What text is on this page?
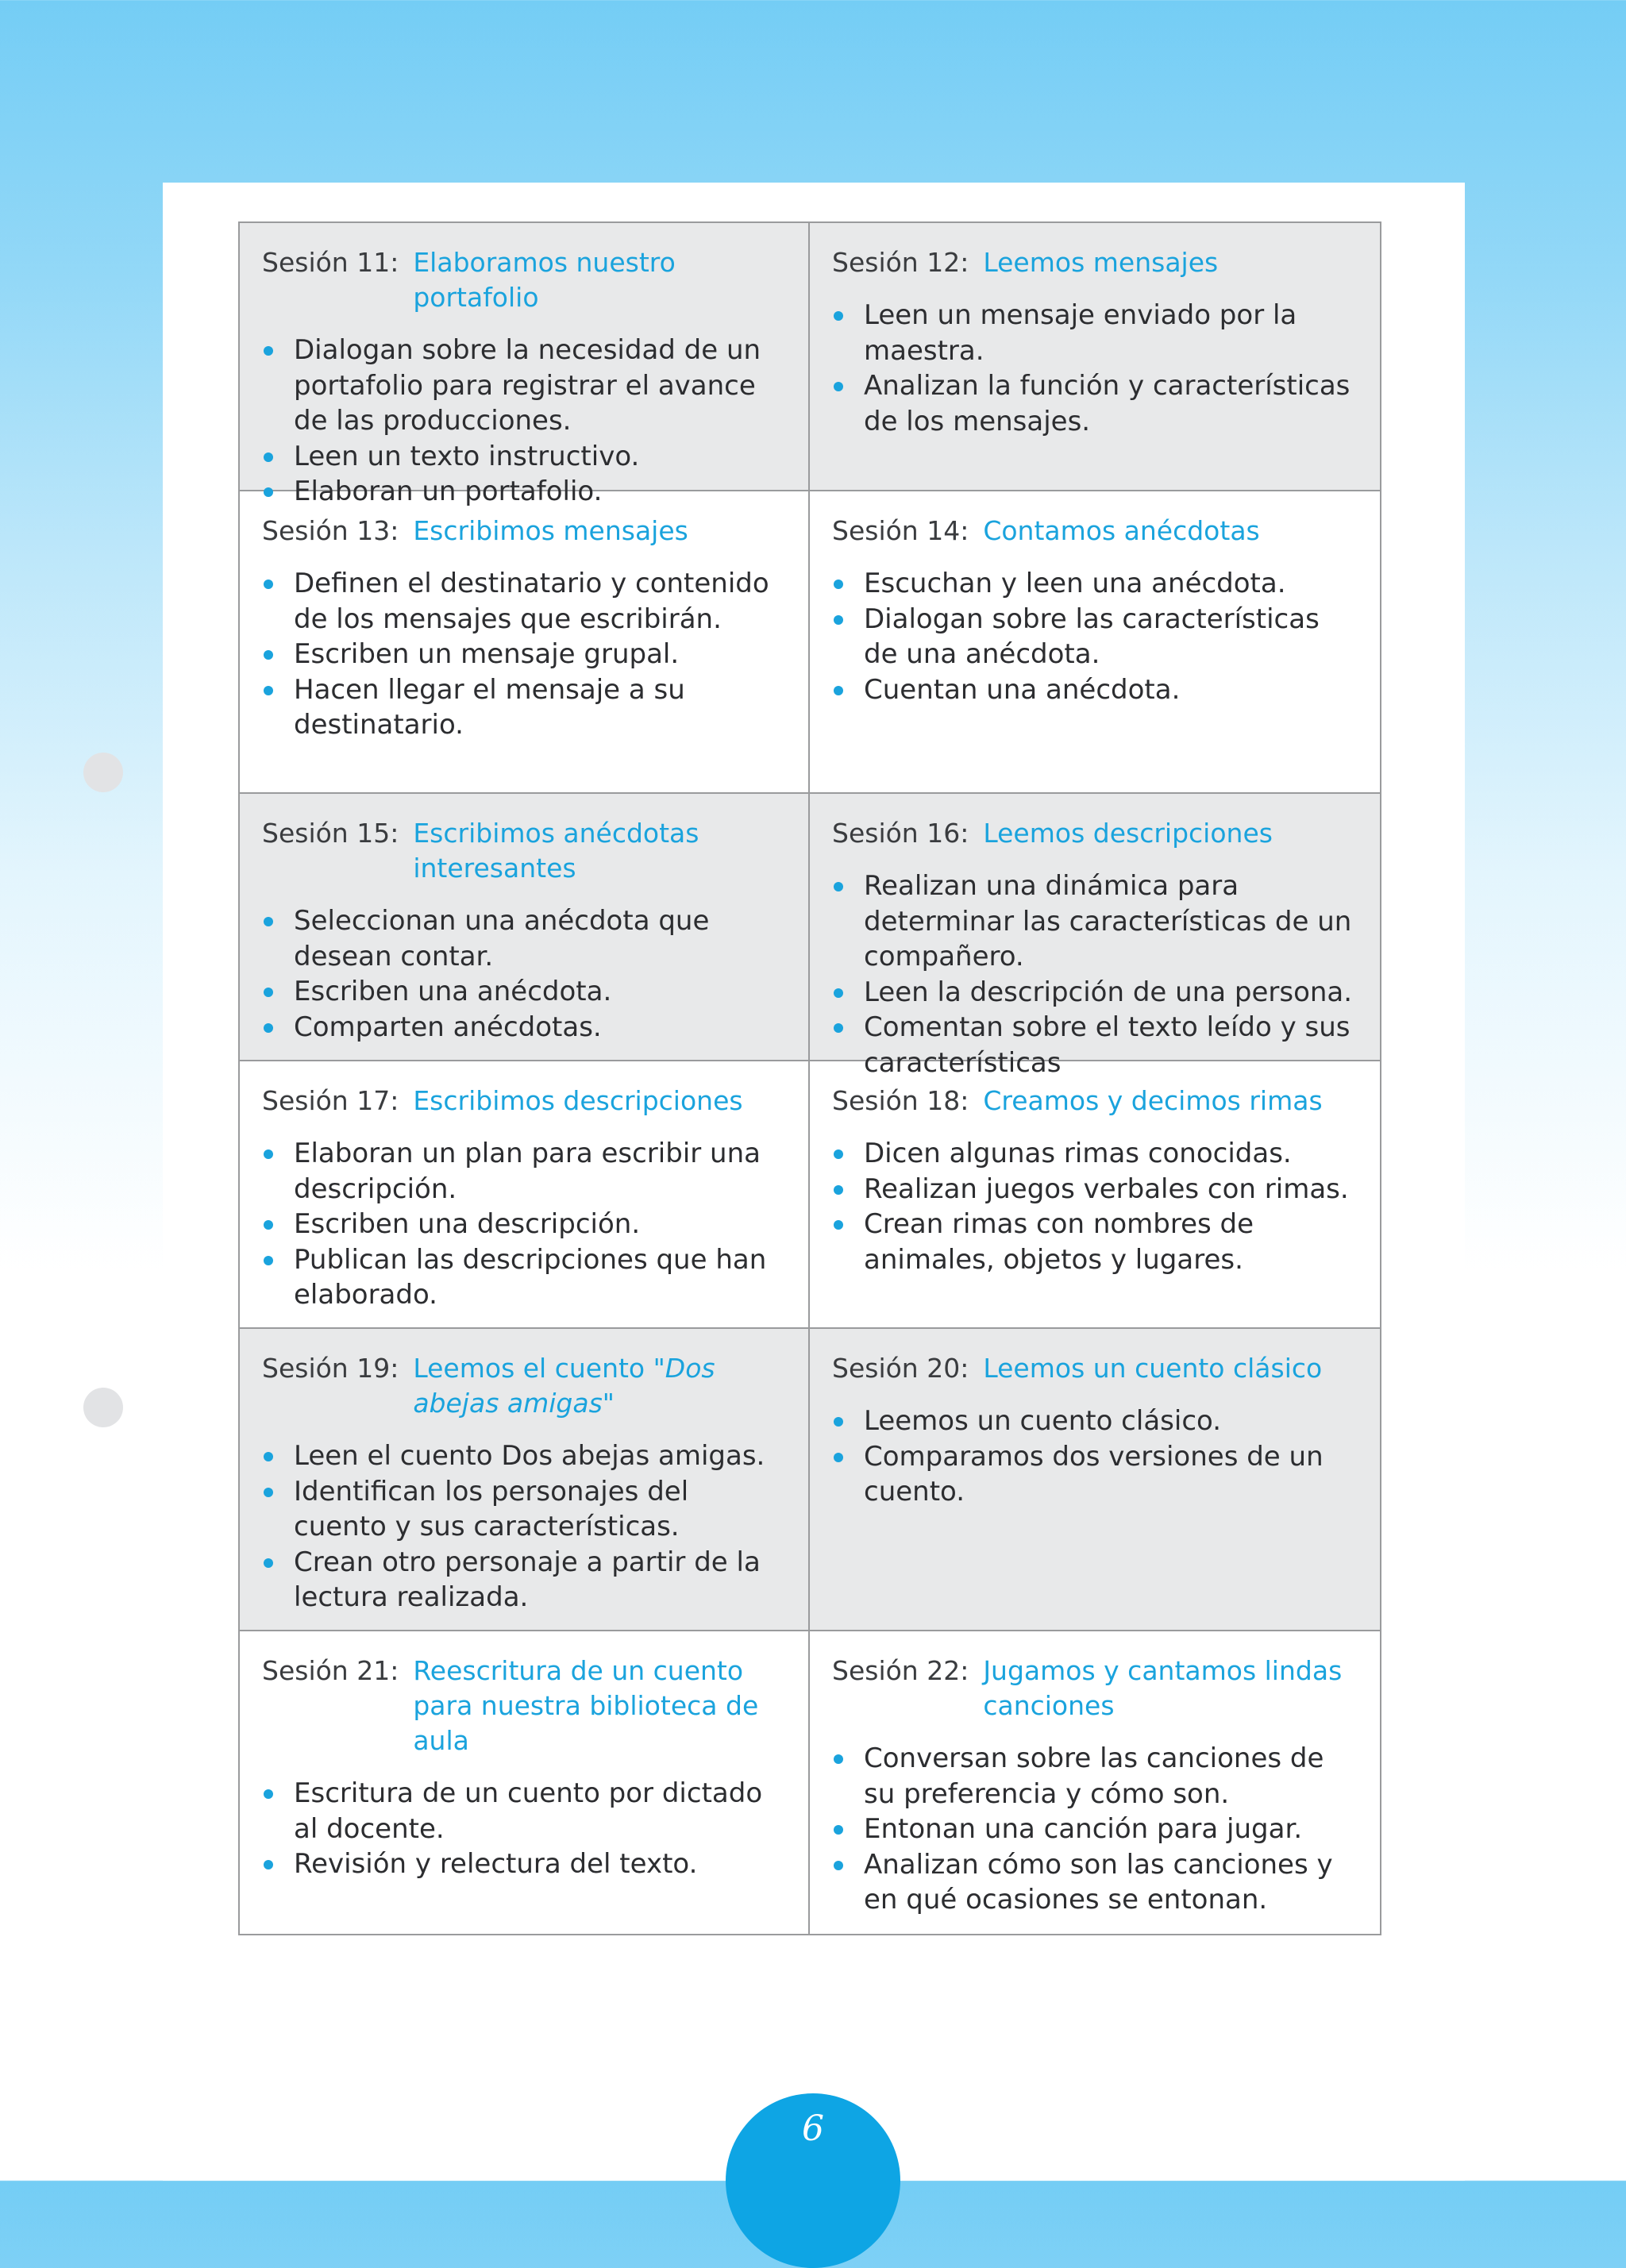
Sesión 11 : Elaboramos nuestro portafolio
Dialogan sobre la necesidad de un portafolio para registrar el avance de las producciones.
Leen un texto instructivo.
Elaboran un portafolio.
Sesión 12 : Leemos mensajes
Leen un mensaje enviado por la maestra.
Analizan la función y características de los mensajes.
Sesión 13 : Escribimos mensajes
Definen el destinatario y contenido de los mensajes que escribirán.
Escriben un mensaje grupal.
Hacen llegar el mensaje a su destinatario.
Sesión 14 : Contamos anécdotas
Escuchan y leen una anécdota.
Dialogan sobre las características de una anécdota.
Cuentan una anécdota.
Sesión 15 : Escribimos anécdotas interesantes
Seleccionan una anécdota que desean contar.
Escriben una anécdota.
Comparten anécdotas.
Sesión 16 : Leemos descripciones
Realizan una dinámica para determinar las características de un compañero.
Leen la descripción de una persona.
Comentan sobre el texto leído y sus características
Sesión 17 : Escribimos descripciones
Elaboran un plan para escribir una descripción.
Escriben una descripción.
Publican las descripciones que han elaborado.
Sesión 18 : Creamos y decimos rimas
Dicen algunas rimas conocidas.
Realizan juegos verbales con rimas.
Crean rimas con nombres de animales, objetos y lugares.
Sesión 19 : Leemos el cuento "Dos abejas amigas"
Leen el cuento Dos abejas amigas.
Identifican los personajes del cuento y sus características.
Crean otro personaje a partir de la lectura realizada.
Sesión 20 : Leemos un cuento clásico
Leemos un cuento clásico.
Comparamos dos versiones de un cuento.
Sesión 21 : Reescritura de un cuento para nuestra biblioteca de aula
Escritura de un cuento por dictado al docente.
Revisión y relectura del texto.
Sesión 22 : Jugamos y cantamos lindas canciones
Conversan sobre las canciones de su preferencia y cómo son.
Entonan una canción para jugar.
Analizan cómo son las canciones y en qué ocasiones se entonan.
6
